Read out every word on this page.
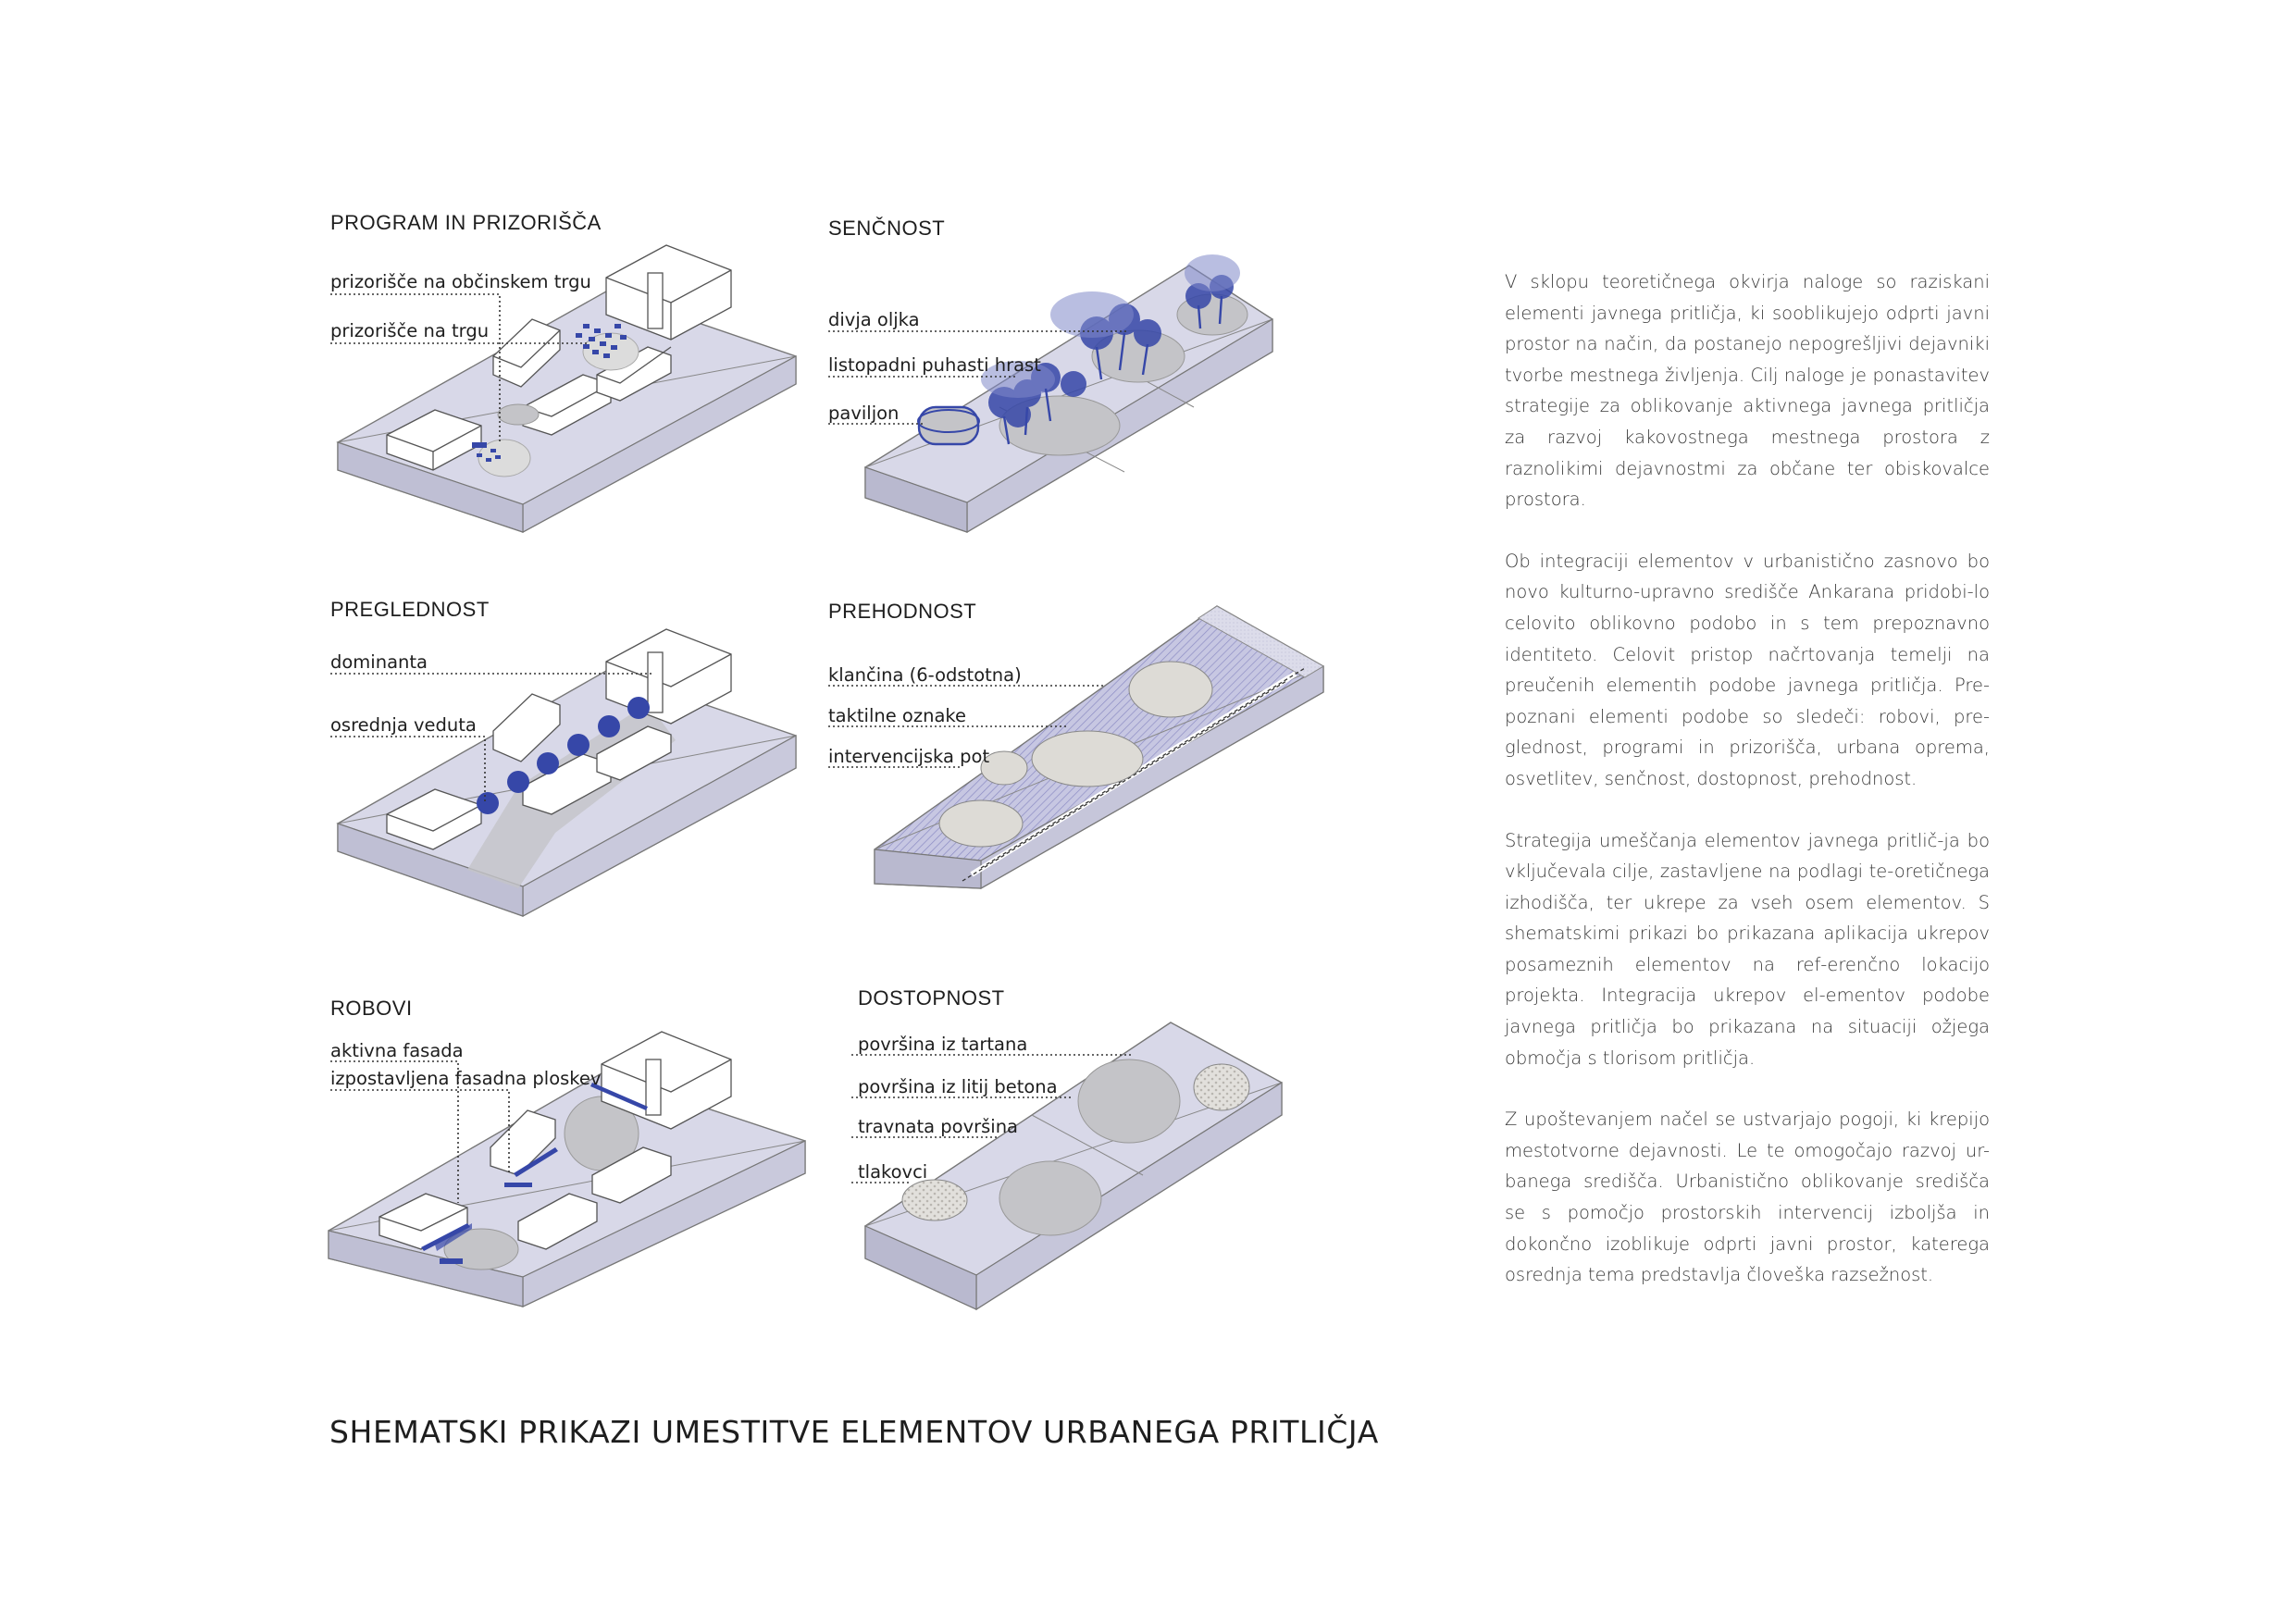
PROGRAM IN PRIZORIŠČA	SENČNOST
PREGLEDNOST	PREHODNOST
ROBOVI	DOSTOPNOST
prizorišče na občinskem trgu
prizorišče na trgu
divja oljka
listopadni puhasti hrast
paviljon
dominanta
osrednja veduta
klančina (6-odstotna)
taktilne oznake
intervencijska pot
aktivna fasada
izpostavljena fasadna ploskev
površina iz tartana
površina iz litij betona
travnata površina
tlakovci

V sklopu teoretičnega okvirja naloge so raziskani elementi javnega pritličja, ki sooblikujejo odprti javni prostor na način, da postanejo nepogrešljivi dejavniki tvorbe mestnega življenja. Cilj naloge je ponastavitev strategije za oblikovanje aktivnega javnega pritličja za razvoj kakovostnega mestnega prostora z raznolikimi dejavnostmi za občane ter obiskovalce prostora.

Ob integraciji elementov v urbanistično zasnovo bo novo kulturno-upravno središče Ankarana pridobi-lo celovito oblikovno podobo in s tem prepoznavno identiteto. Celovit pristop načrtovanja temelji na preučenih elementih podobe javnega pritličja. Pre-poznani elementi podobe so sledeči: robovi, pre-glednost, programi in prizorišča, urbana oprema, osvetlitev, senčnost, dostopnost, prehodnost.

Strategija umeščanja elementov javnega pritlič-ja bo vključevala cilje, zastavljene na podlagi te-oretičnega izhodišča, ter ukrepe za vseh osem elementov. S shematskimi prikazi bo prikazana aplikacija ukrepov posameznih elementov na ref-erenčno lokacijo projekta. Integracija ukrepov el-ementov podobe javnega pritličja bo prikazana na situaciji ožjega območja s tlorisom pritličja.

Z upoštevanjem načel se ustvarjajo pogoji, ki krepijo mestotvorne dejavnosti. Le te omogočajo razvoj ur-banega središča. Urbanistično oblikovanje središča se s pomočjo prostorskih intervencij izboljša in dokončno izoblikuje odprti javni prostor, katerega osrednja tema predstavlja človeška razsežnost.

SHEMATSKI PRIKAZI UMESTITVE ELEMENTOV URBANEGA PRITLIČJA
